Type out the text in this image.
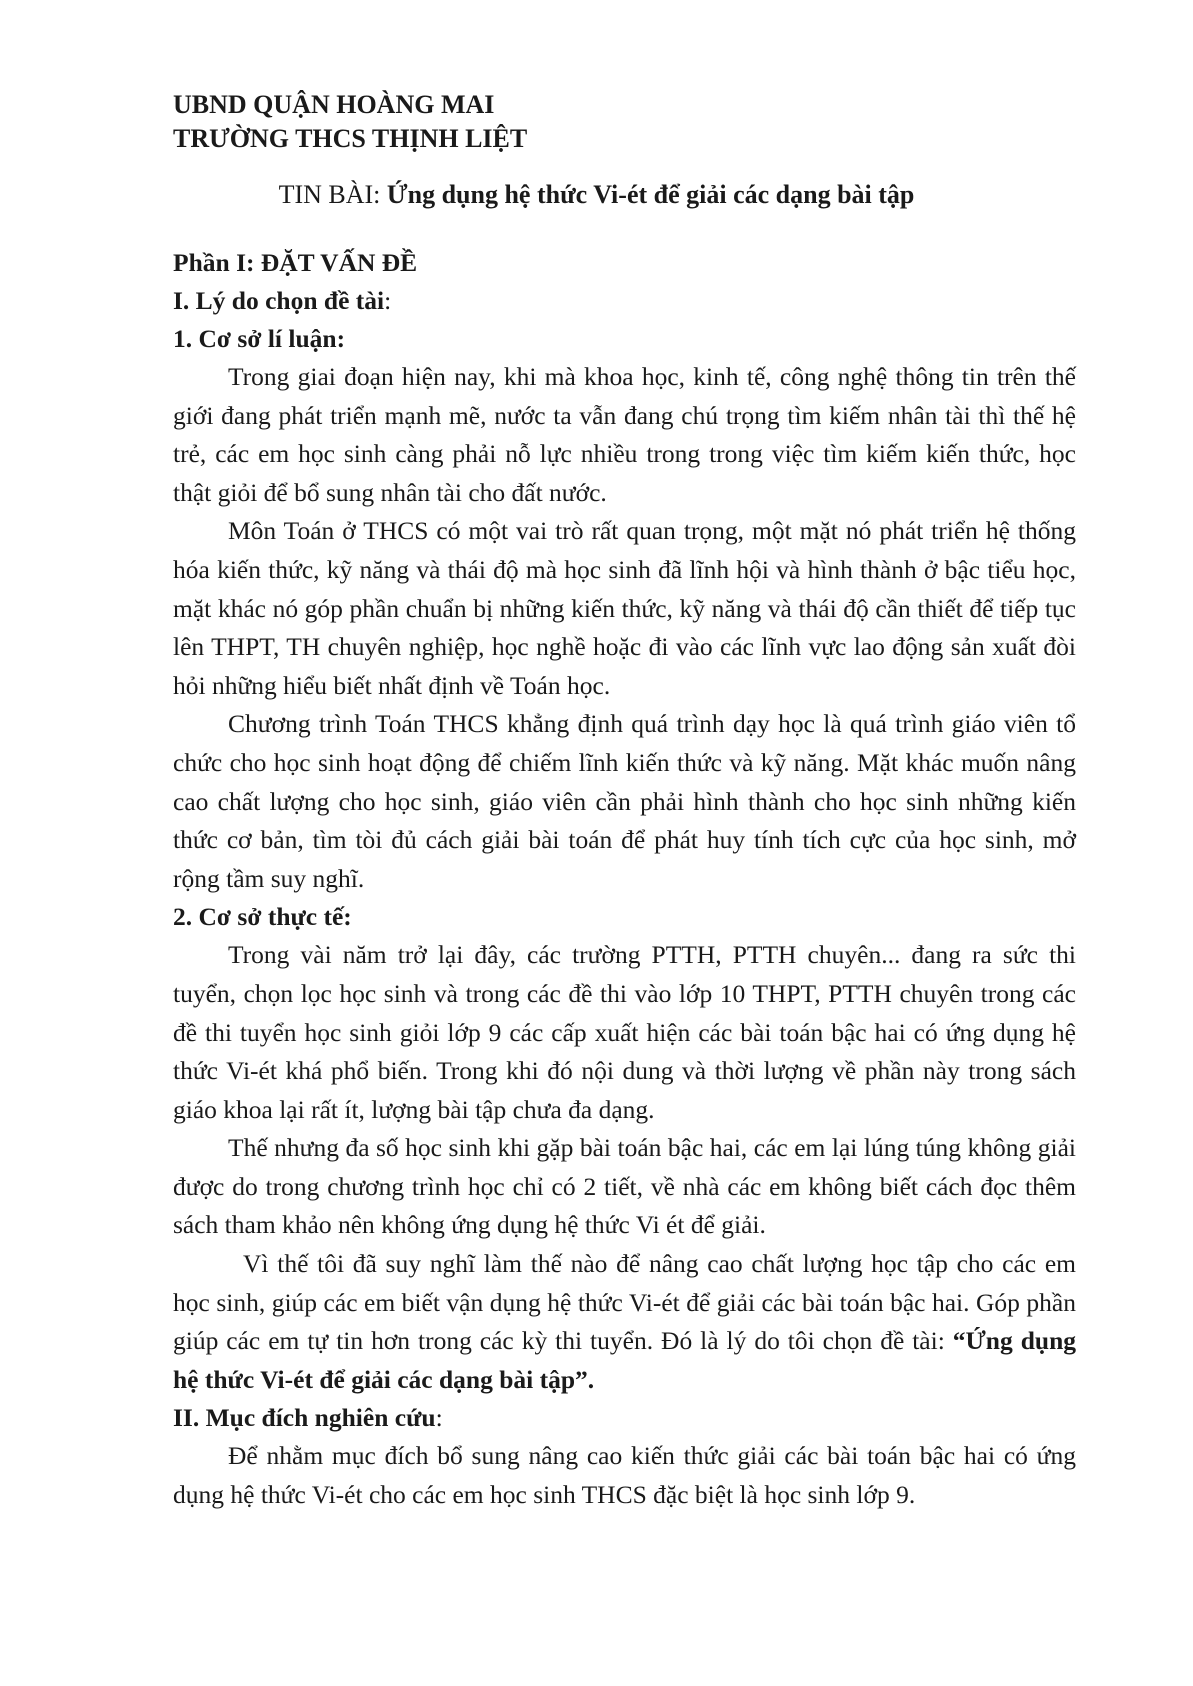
UBND QUẬN HOÀNG MAI
TRƯỜNG THCS THỊNH LIỆT
TIN BÀI: Ứng dụng hệ thức Vi-ét để giải các dạng bài tập

Phần I: ĐẶT VẤN ĐỀ

I. Lý do chọn đề tài:

1. Cơ sở lí luận:

Trong giai đoạn hiện nay, khi mà khoa học, kinh tế, công nghệ thông tin trên thế giới đang phát triển mạnh mẽ, nước ta vẫn đang chú trọng tìm kiếm nhân tài thì thế hệ trẻ, các em học sinh càng phải nỗ lực nhiều trong trong việc tìm kiếm kiến thức, học thật giỏi để bổ sung nhân tài cho đất nước.

Môn Toán ở THCS có một vai trò rất quan trọng, một mặt nó phát triển hệ thống hóa kiến thức, kỹ năng và thái độ mà học sinh đã lĩnh hội và hình thành ở bậc tiểu học, mặt khác nó góp phần chuẩn bị những kiến thức, kỹ năng và thái độ cần thiết để tiếp tục lên THPT, TH chuyên nghiệp, học nghề hoặc đi vào các lĩnh vực lao động sản xuất đòi hỏi những hiểu biết nhất định về Toán học.

Chương trình Toán THCS khẳng định quá trình dạy học là quá trình giáo viên tổ chức cho học sinh hoạt động để chiếm lĩnh kiến thức và kỹ năng. Mặt khác muốn nâng cao chất lượng cho học sinh, giáo viên cần phải hình thành cho học sinh những kiến thức cơ bản, tìm tòi đủ cách giải bài toán để phát huy tính tích cực của học sinh, mở rộng tầm suy nghĩ.

2. Cơ sở thực tế:

Trong vài năm trở lại đây, các trường PTTH, PTTH chuyên... đang ra sức thi tuyển, chọn lọc học sinh và trong các đề thi vào lớp 10 THPT, PTTH chuyên trong các đề thi tuyển học sinh giỏi lớp 9 các cấp xuất hiện các bài toán bậc hai có ứng dụng hệ thức Vi-ét khá phổ biến. Trong khi đó nội dung và thời lượng về phần này trong sách giáo khoa lại rất ít, lượng bài tập chưa đa dạng.

Thế nhưng đa số học sinh khi gặp bài toán bậc hai, các em lại lúng túng không giải được do trong chương trình học chỉ có 2 tiết, về nhà các em không biết cách đọc thêm sách tham khảo nên không ứng dụng hệ thức Vi ét để giải.

Vì thế tôi đã suy nghĩ làm thế nào để nâng cao chất lượng học tập cho các em học sinh, giúp các em biết vận dụng hệ thức Vi-ét để giải các bài toán bậc hai. Góp phần giúp các em tự tin hơn trong các kỳ thi tuyển. Đó là lý do tôi chọn đề tài: “Ứng dụng hệ thức Vi-ét để giải các dạng bài tập”.

II. Mục đích nghiên cứu:

Để nhằm mục đích bổ sung nâng cao kiến thức giải các bài toán bậc hai có ứng dụng hệ thức Vi-ét cho các em học sinh THCS đặc biệt là học sinh lớp 9.
